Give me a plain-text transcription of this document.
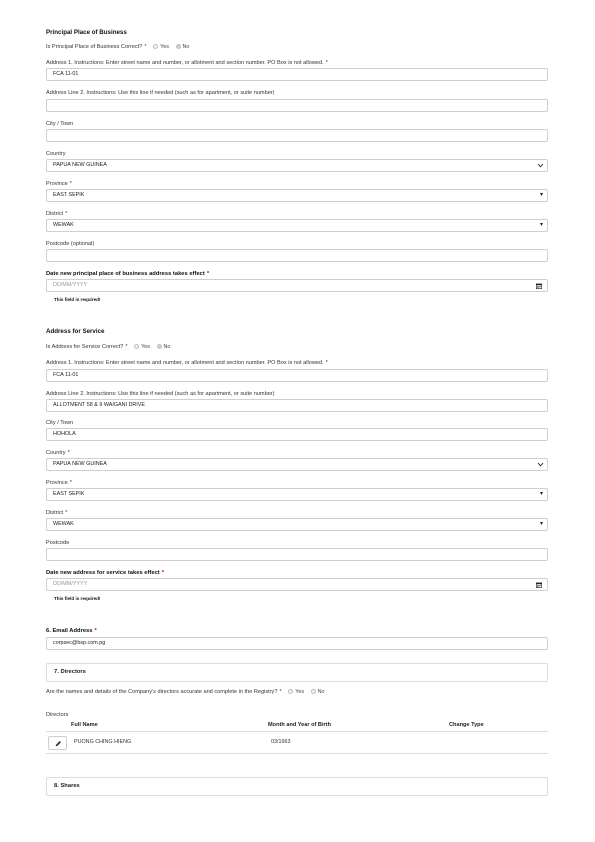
Principal Place of Business
Is Principal Place of Business Correct? *	Yes	No
Address 1. Instructions: Enter street name and number, or allotment and section number. PO Box is not allowed. *
FCA 11-01
Address Line 2. Instructions: Use this line if needed (such as for apartment, or suite number)
City / Town
Country
PAPUA NEW GUINEA
Province *
EAST SEPIK	▾
District *
WEWAK	▾
Postcode (optional)
Date new principal place of business address takes effect *
DD/MM/YYYY
This field is required!
Address for Service
Is Address for Service Correct? *	Yes	No
Address 1. Instructions: Enter street name and number, or allotment and section number. PO Box is not allowed. *
FCA 11-01
Address Line 2. Instructions: Use this line if needed (such as for apartment, or suite number)
ALLOTMENT 58 & 9 WAIGANI DRIVE
City / Town
HOHOLA
Country *
PAPUA NEW GUINEA
Province *
EAST SEPIK	▾
District *
WEWAK	▾
Postcode
Date new address for service takes effect *
DD/MM/YYYY
This field is required!
6. Email Address *
corpsec@bsp.com.pg
7. Directors
Are the names and details of the Company's directors accurate and complete in the Registry? *	Yes	No
Directors
Full Name	Month and Year of Birth	Change Type
PUONG CHING HIENG	03/1963
8. Shares
